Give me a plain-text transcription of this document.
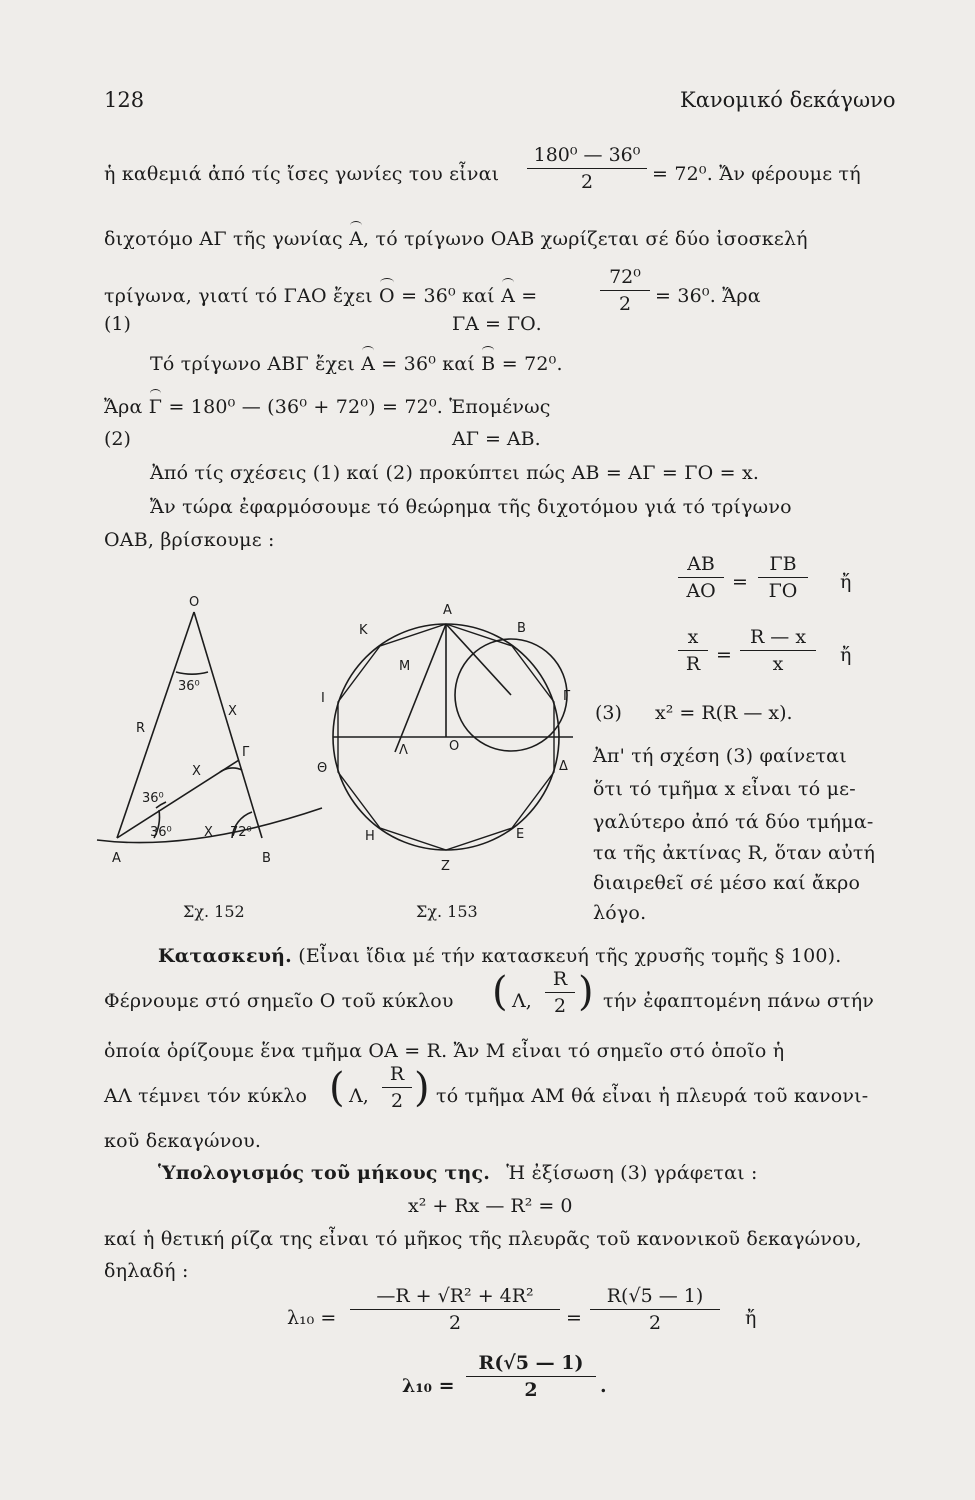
128	Κανομικό δεκάγωνο
ἡ καθεμιά ἀπό τίς ἴσες γωνίες του εἶναι $\frac{\text{180⁰ — 36⁰}}{2} = 72^0$. Ἄν φέρουμε τή
διχοτόμο ΑΓ τῆς γωνίας Α, τό τρίγωνο ΟΑΒ χωρίζεται σέ δύο ἰσοσκελή
τρίγωνα, γιατί τό ΓΑΟ ἔχει Ο = 36⁰ καί Α =	$\frac{\text{72⁰}}{2} = 36^0$. Ἄρα
(1)	ΓΑ = ΓΟ.
Τό τρίγωνο ΑΒΓ ἔχει Α = 36⁰ καί Β = 72⁰.
Ἄρα Γ = 180⁰ — (36⁰ + 72⁰) = 72⁰. Ἑπομένως
(2)	ΑΓ = ΑΒ.
Ἀπό τίς σχέσεις (1) καί (2) προκύπτει πώς ΑΒ = ΑΓ = ΓΟ = x.
Ἄν τώρα ἐφαρμόσουμε τό θεώρημα τῆς διχοτόμου γιά τό τρίγωνο
ΟΑΒ, βρίσκουμε :
$\frac{AB}{AO} = \frac{\Gamma B}{\Gamma O}$ ἤ
$\frac{x}{R} = \frac{R — x}{x}$ ἤ
(3) x² = R(R — x).
Ἀπ' τή σχέση (3) φαίνεται
ὅτι τό τμῆμα x εἶναι τό με-
γαλύτερο ἀπό τά δύο τμήμα-
τα τῆς ἀκτίνας R, ὅταν αὐτή
διαιρεθεῖ σέ μέσο καί ἄκρο
λόγο.
O
R
X
X
X
Γ
A	B
36⁰
36⁰
36⁰	72⁰
Σχ. 152
A
B
Γ
Δ
E
Z
H
Θ
I
K
M
Λ	O
Σχ. 153
Κατασκευή. (Εἶναι ἴδια μέ τήν κατασκευή τῆς χρυσῆς τομῆς § 100).
Φέρνουμε στό σημεῖο Ο τοῦ κύκλου ( Λ, $\frac{R}{2}$ ) τήν ἐφαπτομένη πάνω στήν
ὁποία ὁρίζουμε ἕνα τμῆμα ΟΑ = R. Ἄν Μ εἶναι τό σημεῖο στό ὁποῖο ἡ
ΑΛ τέμνει τόν κύκλο ( Λ, $\frac{R}{2}$ ) τό τμῆμα ΑΜ θά εἶναι ἡ πλευρά τοῦ κανονι-
κοῦ δεκαγώνου.
Ὑπολογισμός τοῦ μήκους της. Ἡ ἐξίσωση (3) γράφεται :
x² + Rx — R² = 0
καί ἡ θετική ρίζα της εἶναι τό μῆκος τῆς πλευρᾶς τοῦ κανονικοῦ δεκαγώνου,
δηλαδή :
$\lambda_{10} = \frac{\text{—R + √R² + 4R²}}{2} = \frac{R(√5 — 1)}{2}$ ἤ
$\lambda_{10} = \frac{R(√5 — 1)}{2}$ .
